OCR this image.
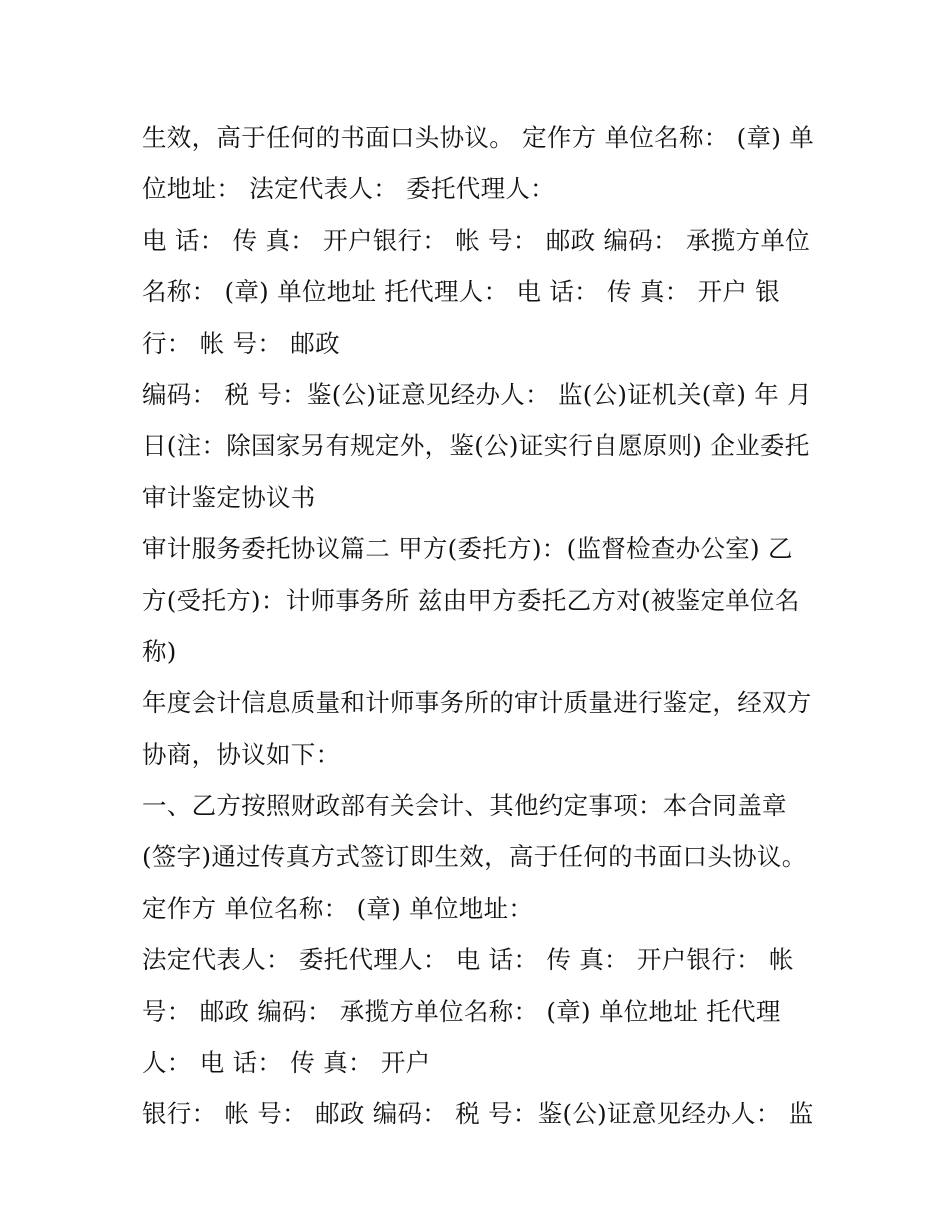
生效，高于任何的书面口头协议。 定作方 单位名称： (章) 单
位地址： 法定代表人： 委托代理人：
电 话： 传 真： 开户银行： 帐 号： 邮政 编码： 承揽方单位
名称： (章) 单位地址 托代理人： 电 话： 传 真： 开户 银
行： 帐 号： 邮政
编码： 税 号：鉴(公)证意见经办人： 监(公)证机关(章) 年 月
日(注：除国家另有规定外，鉴(公)证实行自愿原则) 企业委托
审计鉴定协议书
审计服务委托协议篇二 甲方(委托方)：(监督检查办公室) 乙
方(受托方)：计师事务所 兹由甲方委托乙方对(被鉴定单位名
称)
年度会计信息质量和计师事务所的审计质量进行鉴定，经双方
协商，协议如下：
一、乙方按照财政部有关会计、其他约定事项：本合同盖章
(签字)通过传真方式签订即生效，高于任何的书面口头协议。
定作方 单位名称： (章) 单位地址：
法定代表人： 委托代理人： 电 话： 传 真： 开户银行： 帐
号： 邮政 编码： 承揽方单位名称： (章) 单位地址 托代理
人： 电 话： 传 真： 开户
银行： 帐 号： 邮政 编码： 税 号：鉴(公)证意见经办人： 监
